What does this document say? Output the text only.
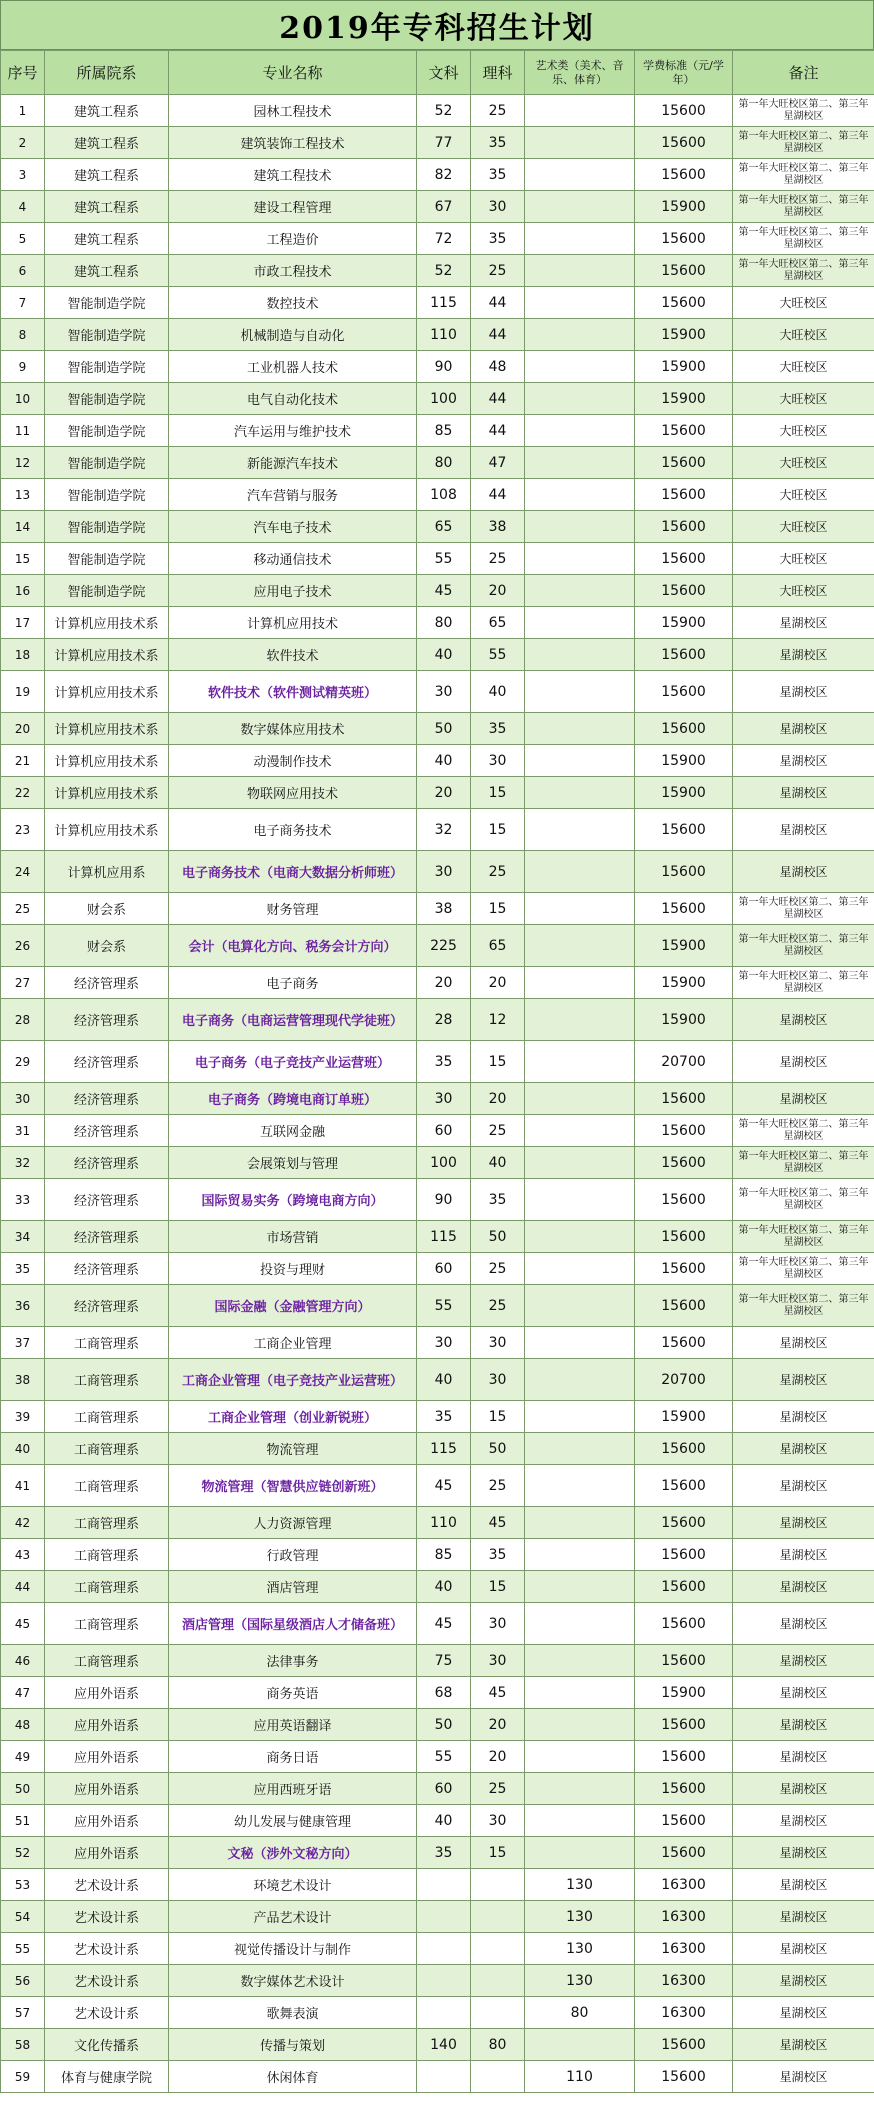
2019年专科招生计划
序号	所属院系	专业名称	文科	理科	艺术类（美术、音乐、体育）	学费标准（元/学年）	备注
1	建筑工程系	园林工程技术	52	25		15600	第一年大旺校区第二、第三年星湖校区
2	建筑工程系	建筑装饰工程技术	77	35		15600	第一年大旺校区第二、第三年星湖校区
3	建筑工程系	建筑工程技术	82	35		15600	第一年大旺校区第二、第三年星湖校区
4	建筑工程系	建设工程管理	67	30		15900	第一年大旺校区第二、第三年星湖校区
5	建筑工程系	工程造价	72	35		15600	第一年大旺校区第二、第三年星湖校区
6	建筑工程系	市政工程技术	52	25		15600	第一年大旺校区第二、第三年星湖校区
7	智能制造学院	数控技术	115	44		15600	大旺校区
8	智能制造学院	机械制造与自动化	110	44		15900	大旺校区
9	智能制造学院	工业机器人技术	90	48		15900	大旺校区
10	智能制造学院	电气自动化技术	100	44		15900	大旺校区
11	智能制造学院	汽车运用与维护技术	85	44		15600	大旺校区
12	智能制造学院	新能源汽车技术	80	47		15600	大旺校区
13	智能制造学院	汽车营销与服务	108	44		15600	大旺校区
14	智能制造学院	汽车电子技术	65	38		15600	大旺校区
15	智能制造学院	移动通信技术	55	25		15600	大旺校区
16	智能制造学院	应用电子技术	45	20		15600	大旺校区
17	计算机应用技术系	计算机应用技术	80	65		15900	星湖校区
18	计算机应用技术系	软件技术	40	55		15600	星湖校区
19	计算机应用技术系	软件技术（软件测试精英班）	30	40		15600	星湖校区
20	计算机应用技术系	数字媒体应用技术	50	35		15600	星湖校区
21	计算机应用技术系	动漫制作技术	40	30		15900	星湖校区
22	计算机应用技术系	物联网应用技术	20	15		15900	星湖校区
23	计算机应用技术系	电子商务技术	32	15		15600	星湖校区
24	计算机应用系	电子商务技术（电商大数据分析师班）	30	25		15600	星湖校区
25	财会系	财务管理	38	15		15600	第一年大旺校区第二、第三年星湖校区
26	财会系	会计（电算化方向、税务会计方向）	225	65		15900	第一年大旺校区第二、第三年星湖校区
27	经济管理系	电子商务	20	20		15900	第一年大旺校区第二、第三年星湖校区
28	经济管理系	电子商务（电商运营管理现代学徒班）	28	12		15900	星湖校区
29	经济管理系	电子商务（电子竞技产业运营班）	35	15		20700	星湖校区
30	经济管理系	电子商务（跨境电商订单班）	30	20		15600	星湖校区
31	经济管理系	互联网金融	60	25		15600	第一年大旺校区第二、第三年星湖校区
32	经济管理系	会展策划与管理	100	40		15600	第一年大旺校区第二、第三年星湖校区
33	经济管理系	国际贸易实务（跨境电商方向）	90	35		15600	第一年大旺校区第二、第三年星湖校区
34	经济管理系	市场营销	115	50		15600	第一年大旺校区第二、第三年星湖校区
35	经济管理系	投资与理财	60	25		15600	第一年大旺校区第二、第三年星湖校区
36	经济管理系	国际金融（金融管理方向）	55	25		15600	第一年大旺校区第二、第三年星湖校区
37	工商管理系	工商企业管理	30	30		15600	星湖校区
38	工商管理系	工商企业管理（电子竞技产业运营班）	40	30		20700	星湖校区
39	工商管理系	工商企业管理（创业新锐班）	35	15		15900	星湖校区
40	工商管理系	物流管理	115	50		15600	星湖校区
41	工商管理系	物流管理（智慧供应链创新班）	45	25		15600	星湖校区
42	工商管理系	人力资源管理	110	45		15600	星湖校区
43	工商管理系	行政管理	85	35		15600	星湖校区
44	工商管理系	酒店管理	40	15		15600	星湖校区
45	工商管理系	酒店管理（国际星级酒店人才储备班）	45	30		15600	星湖校区
46	工商管理系	法律事务	75	30		15600	星湖校区
47	应用外语系	商务英语	68	45		15900	星湖校区
48	应用外语系	应用英语翻译	50	20		15600	星湖校区
49	应用外语系	商务日语	55	20		15600	星湖校区
50	应用外语系	应用西班牙语	60	25		15600	星湖校区
51	应用外语系	幼儿发展与健康管理	40	30		15600	星湖校区
52	应用外语系	文秘（涉外文秘方向）	35	15		15600	星湖校区
53	艺术设计系	环境艺术设计			130	16300	星湖校区
54	艺术设计系	产品艺术设计			130	16300	星湖校区
55	艺术设计系	视觉传播设计与制作			130	16300	星湖校区
56	艺术设计系	数字媒体艺术设计			130	16300	星湖校区
57	艺术设计系	歌舞表演			80	16300	星湖校区
58	文化传播系	传播与策划	140	80		15600	星湖校区
59	体育与健康学院	休闲体育			110	15600	星湖校区
